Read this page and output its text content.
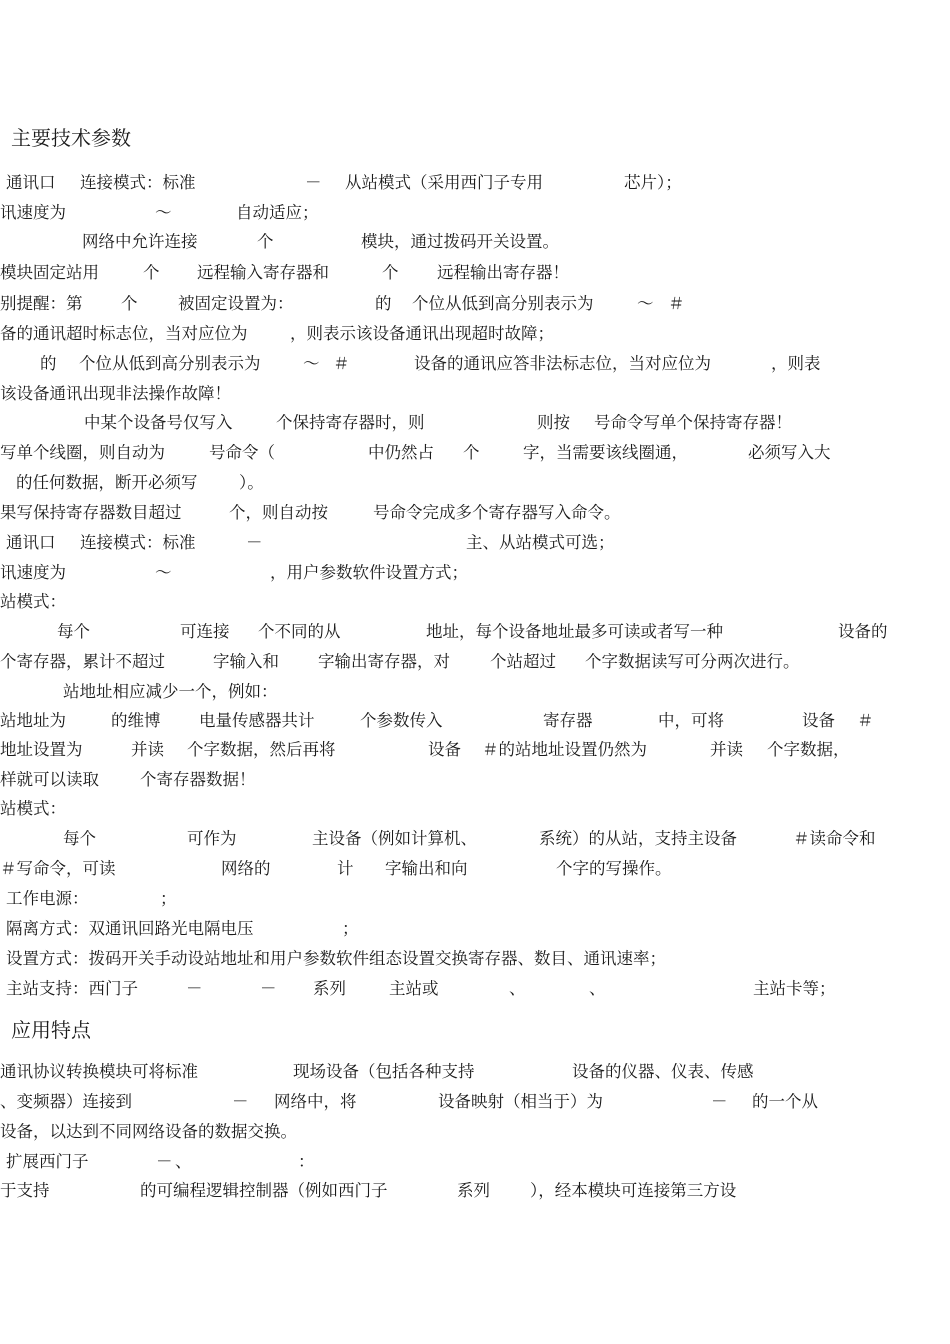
主要技术参数
通讯口 连接模式：标准	－ 从站模式（采用西门子专用	芯片）；
讯速度为	～	自动适应；
网络中允许连接	个	模块，通过拨码开关设置。
模块固定站用	个 远程输入寄存器和	个 远程输出寄存器！
别提醒：第 个 被固定设置为：	的 个位从低到高分别表示为	～ ＃
备的通讯超时标志位，当对应位为	，则表示该设备通讯出现超时故障；
的 个位从低到高分别表示为	～ ＃	设备的通讯应答非法标志位，当对应位为	，则表
该设备通讯出现非法操作故障！
中某个设备号仅写入	个保持寄存器时，则	则按 号命令写单个保持寄存器！
写单个线圈，则自动为	号命令（	中仍然占 个	字，当需要该线圈通，	必须写入大
的任何数据，断开必须写	）。
果写保持寄存器数目超过	个，则自动按	号命令完成多个寄存器写入命令。
通讯口 连接模式：标准	－	主、从站模式可选；
讯速度为	～	，用户参数软件设置方式；
站模式：
每个	可连接 个不同的从	地址，每个设备地址最多可读或者写一种	设备的
个寄存器，累计不超过	字输入和 字输出寄存器，对 个站超过 个字数据读写可分两次进行。
站地址相应减少一个，例如：
站地址为	的维博 电量传感器共计	个参数传入	寄存器	中，可将	设备 ＃
地址设置为	并读 个字数据，然后再将	设备 ＃的站地址设置仍然为	并读 个字数据，
样就可以读取 个寄存器数据！
站模式：
每个	可作为	主设备（例如计算机、	系统）的从站，支持主设备	＃读命令和
＃写命令，可读	网络的	计 字输出和向	个字的写操作。
工作电源：	；
隔离方式：双通讯回路光电隔电压	；
设置方式：拨码开关手动设站地址和用户参数软件组态设置交换寄存器、数目、通讯速率；
主站支持：西门子	－	－ 系列	主站或	、	、	主站卡等；
应用特点
通讯协议转换模块可将标准	现场设备（包括各种支持	设备的仪器、仪表、传感
、变频器）连接到	－ 网络中，将	设备映射（相当于）为	－ 的一个从
设备，以达到不同网络设备的数据交换。
扩展西门子	－ 、	：
于支持	的可编程逻辑控制器（例如西门子	系列 ），经本模块可连接第三方设
